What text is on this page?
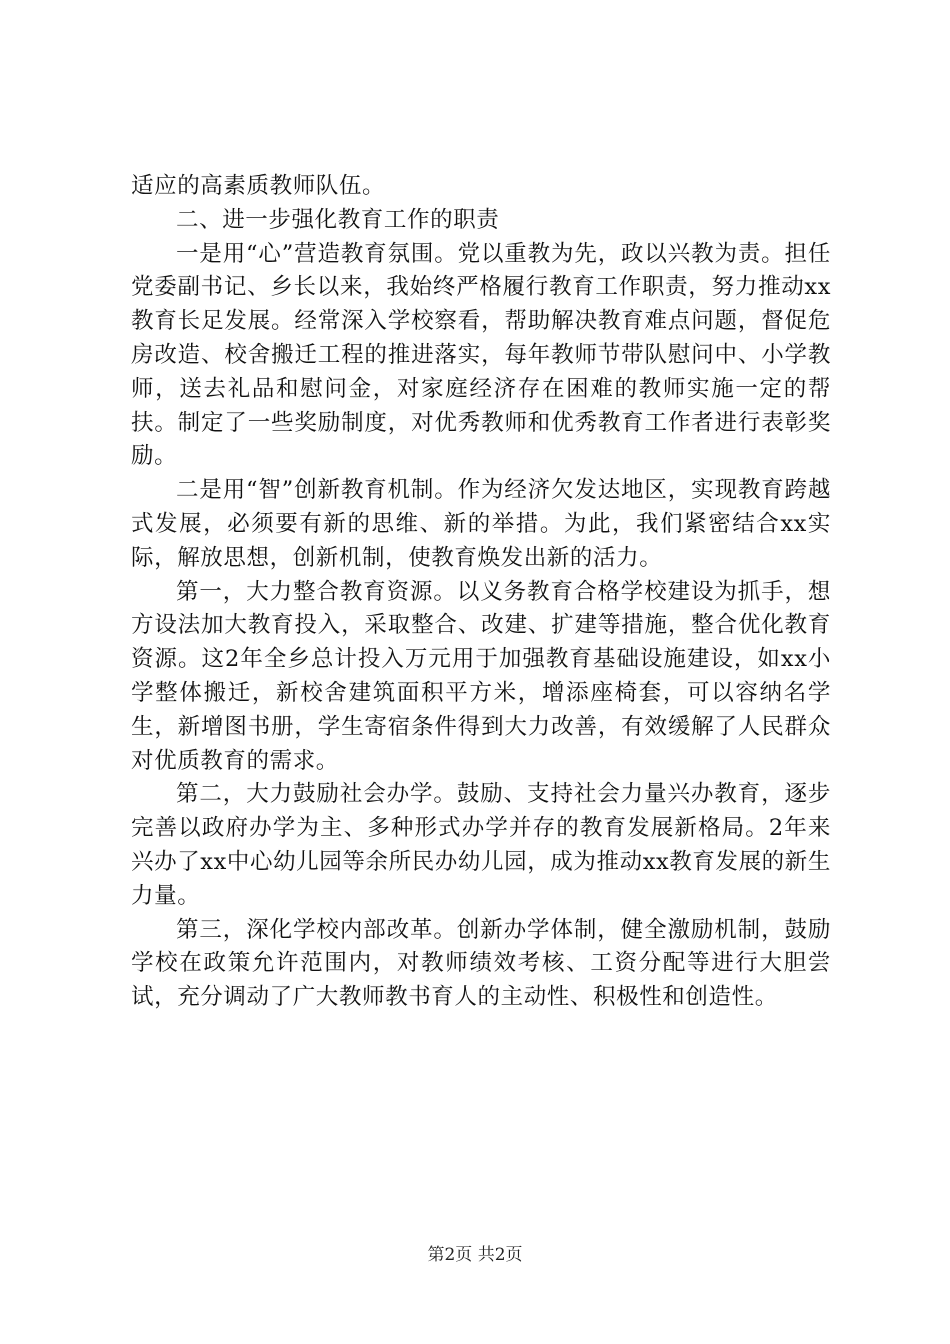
适应的高素质教师队伍。

二、进一步强化教育工作的职责

一是用“心”营造教育氛围。党以重教为先，政以兴教为责。担任党委副书记、乡长以来，我始终严格履行教育工作职责，努力推动xx教育长足发展。经常深入学校察看，帮助解决教育难点问题，督促危房改造、校舍搬迁工程的推进落实，每年教师节带队慰问中、小学教师，送去礼品和慰问金，对家庭经济存在困难的教师实施一定的帮扶。制定了一些奖励制度，对优秀教师和优秀教育工作者进行表彰奖励。

二是用“智”创新教育机制。作为经济欠发达地区，实现教育跨越式发展，必须要有新的思维、新的举措。为此，我们紧密结合xx实际，解放思想，创新机制，使教育焕发出新的活力。

第一，大力整合教育资源。以义务教育合格学校建设为抓手，想方设法加大教育投入，采取整合、改建、扩建等措施，整合优化教育资源。这2年全乡总计投入万元用于加强教育基础设施建设，如xx小学整体搬迁，新校舍建筑面积平方米，增添座椅套，可以容纳名学生，新增图书册，学生寄宿条件得到大力改善，有效缓解了人民群众对优质教育的需求。

第二，大力鼓励社会办学。鼓励、支持社会力量兴办教育，逐步完善以政府办学为主、多种形式办学并存的教育发展新格局。2年来兴办了xx中心幼儿园等余所民办幼儿园，成为推动xx教育发展的新生力量。

第三，深化学校内部改革。创新办学体制，健全激励机制，鼓励学校在政策允许范围内，对教师绩效考核、工资分配等进行大胆尝试，充分调动了广大教师教书育人的主动性、积极性和创造性。

第2页 共2页
